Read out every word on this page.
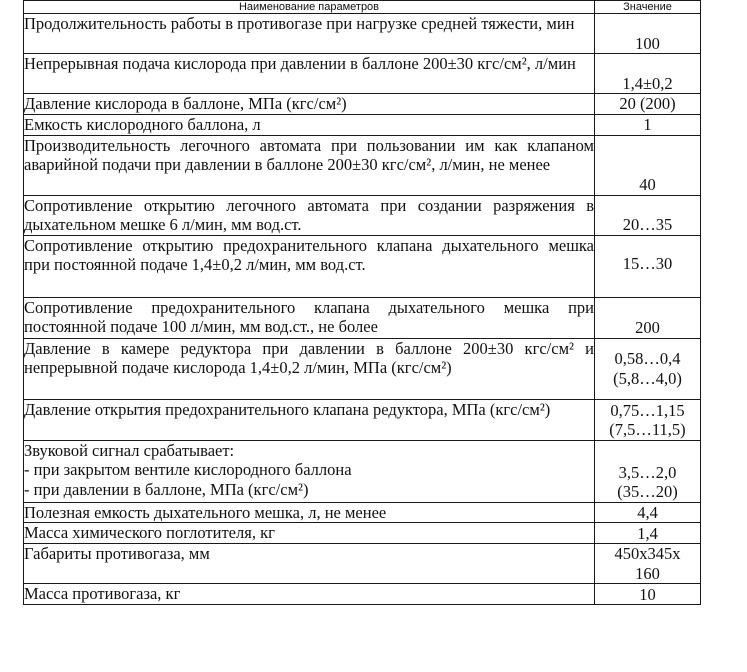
Наименование параметров	Значение
Продолжительность работы в противогазе при нагрузке средней тяжести, мин	100
Непрерывная подача кислорода при давлении в баллоне 200±30 кгс/см², л/мин	1,4±0,2
Давление кислорода в баллоне, МПа (кгс/см²)	20 (200)
Емкость кислородного баллона, л	1
Производительность легочного автомата при пользовании им как клапаном аварийной подачи при давлении в баллоне 200±30 кгс/см², л/мин, не менее	40
Сопротивление открытию легочного автомата при создании разряжения в дыхательном мешке 6 л/мин, мм вод.ст.	20…35
Сопротивление открытию предохранительного клапана дыхательного мешка при постоянной подаче 1,4±0,2 л/мин, мм вод.ст.	15…30
Сопротивление предохранительного клапана дыхательного мешка при постоянной подаче 100 л/мин, мм вод.ст., не более	200
Давление в камере редуктора при давлении в баллоне 200±30 кгс/см² и непрерывной подаче кислорода 1,4±0,2 л/мин, МПа (кгс/см²)	0,58…0,4
(5,8…4,0)
Давление открытия предохранительного клапана редуктора, МПа (кгс/см²)	0,75…1,15
(7,5…11,5)
Звуковой сигнал срабатывает:
- при закрытом вентиле кислородного баллона
- при давлении в баллоне, МПа (кгс/см²)	3,5…2,0
(35…20)
Полезная емкость дыхательного мешка, л, не менее	4,4
Масса химического поглотителя, кг	1,4
Габариты противогаза, мм	450х345х
160
Масса противогаза, кг	10
